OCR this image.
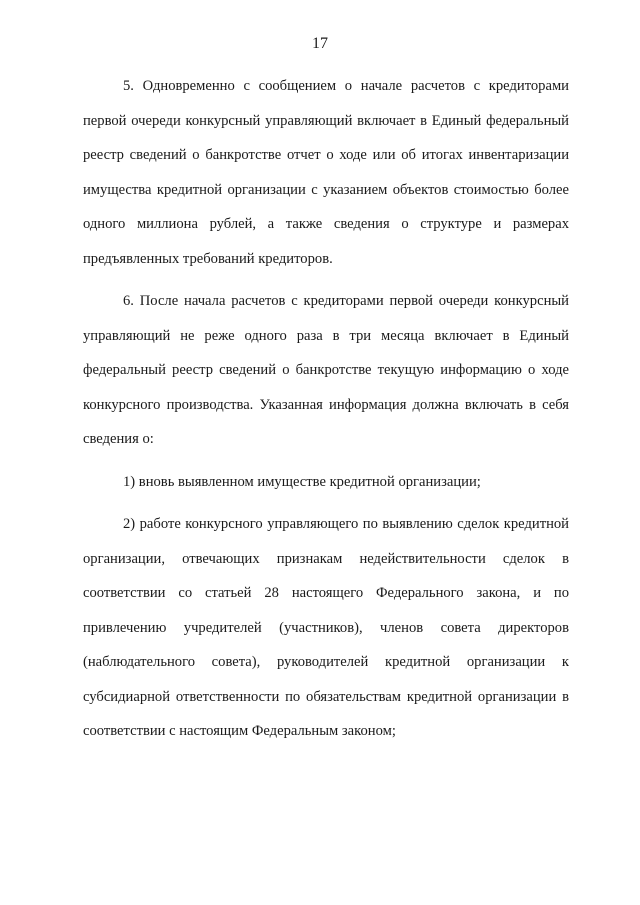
17

5. Одновременно с сообщением о начале расчетов с кредиторами первой очереди конкурсный управляющий включает в Единый федеральный реестр сведений о банкротстве отчет о ходе или об итогах инвентаризации имущества кредитной организации с указанием объектов стоимостью более одного миллиона рублей, а также сведения о структуре и размерах предъявленных требований кредиторов.

6. После начала расчетов с кредиторами первой очереди конкурсный управляющий не реже одного раза в три месяца включает в Единый федеральный реестр сведений о банкротстве текущую информацию о ходе конкурсного производства. Указанная информация должна включать в себя сведения о:

1) вновь выявленном имуществе кредитной организации;

2) работе конкурсного управляющего по выявлению сделок кредитной организации, отвечающих признакам недействительности сделок в соответствии со статьей 28 настоящего Федерального закона, и по привлечению учредителей (участников), членов совета директоров (наблюдательного совета), руководителей кредитной организации к субсидиарной ответственности по обязательствам кредитной организации в соответствии с настоящим Федеральным законом;
